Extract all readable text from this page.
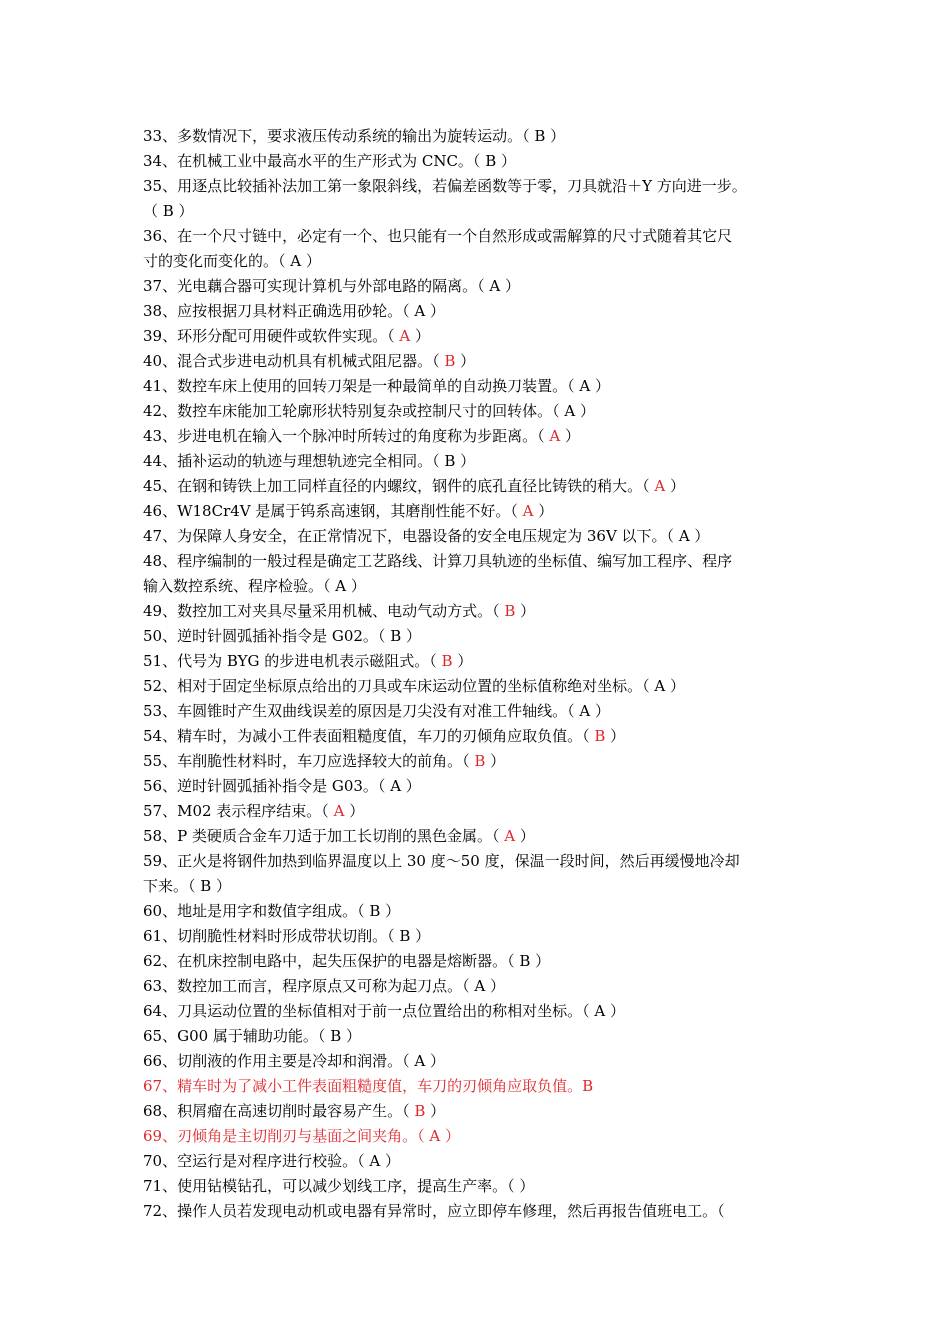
33、多数情况下，要求液压传动系统的输出为旋转运动。（ B ）
34、在机械工业中最高水平的生产形式为 CNC。（ B ）
35、用逐点比较插补法加工第一象限斜线，若偏差函数等于零，刀具就沿＋Y 方向进一步。
（ B ）
36、在一个尺寸链中，必定有一个、也只能有一个自然形成或需解算的尺寸式随着其它尺
寸的变化而变化的。（ A ）
37、光电藕合器可实现计算机与外部电路的隔离。（ A ）
38、应按根据刀具材料正确选用砂轮。（ A ）
39、环形分配可用硬件或软件实现。（ A ）
40、混合式步进电动机具有机械式阻尼器。（ B ）
41、数控车床上使用的回转刀架是一种最简单的自动换刀装置。（ A ）
42、数控车床能加工轮廓形状特别复杂或控制尺寸的回转体。（ A ）
43、步进电机在输入一个脉冲时所转过的角度称为步距离。（ A ）
44、插补运动的轨迹与理想轨迹完全相同。（ B ）
45、在钢和铸铁上加工同样直径的内螺纹，钢件的底孔直径比铸铁的稍大。（ A ）
46、W18Cr4V 是属于钨系高速钢，其磨削性能不好。（ A ）
47、为保障人身安全，在正常情况下，电器设备的安全电压规定为 36V 以下。（ A ）
48、程序编制的一般过程是确定工艺路线、计算刀具轨迹的坐标值、编写加工程序、程序
输入数控系统、程序检验。（ A ）
49、数控加工对夹具尽量采用机械、电动气动方式。（ B ）
50、逆时针圆弧插补指令是 G02。（ B ）
51、代号为 BYG 的步进电机表示磁阻式。（ B ）
52、相对于固定坐标原点给出的刀具或车床运动位置的坐标值称绝对坐标。（ A ）
53、车圆锥时产生双曲线误差的原因是刀尖没有对准工件轴线。（ A ）
54、精车时，为减小工件表面粗糙度值，车刀的刃倾角应取负值。（ B ）
55、车削脆性材料时，车刀应选择较大的前角。（ B ）
56、逆时针圆弧插补指令是 G03。（ A ）
57、M02 表示程序结束。（ A ）
58、P 类硬质合金车刀适于加工长切削的黑色金属。（ A ）
59、正火是将钢件加热到临界温度以上 30 度～50 度，保温一段时间，然后再缓慢地冷却
下来。（ B ）
60、地址是用字和数值字组成。（ B ）
61、切削脆性材料时形成带状切削。（ B ）
62、在机床控制电路中，起失压保护的电器是熔断器。（ B ）
63、数控加工而言，程序原点又可称为起刀点。（ A ）
64、刀具运动位置的坐标值相对于前一点位置给出的称相对坐标。（ A ）
65、G00 属于辅助功能。（ B ）
66、切削液的作用主要是冷却和润滑。（ A ）
67、精车时为了减小工件表面粗糙度值，车刀的刃倾角应取负值。B
68、积屑瘤在高速切削时最容易产生。（ B ）
69、刃倾角是主切削刃与基面之间夹角。（ A ）
70、空运行是对程序进行校验。（ A ）
71、使用钻模钻孔，可以减少划线工序，提高生产率。（ ）
72、操作人员若发现电动机或电器有异常时，应立即停车修理，然后再报告值班电工。（
